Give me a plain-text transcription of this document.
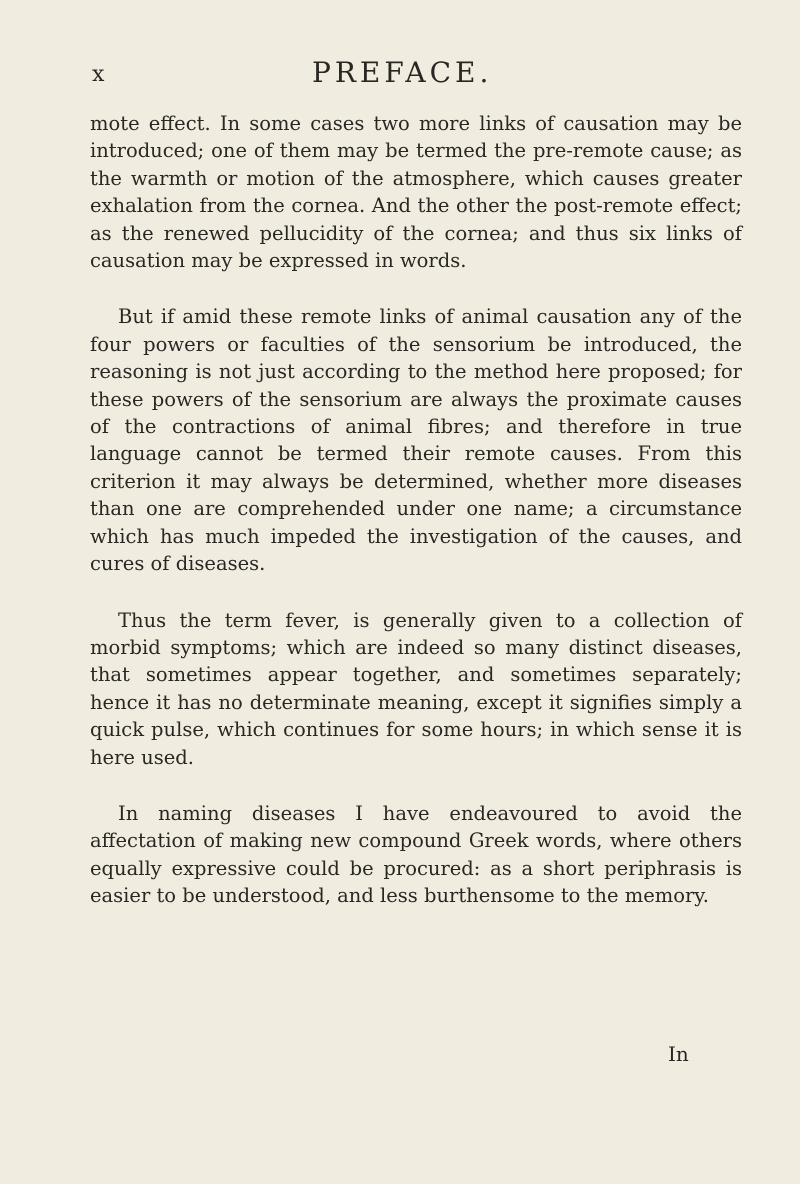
x	PREFACE.

mote effect. In some cases two more links of causation may be introduced; one of them may be termed the pre-remote cause; as the warmth or motion of the atmosphere, which causes greater exhalation from the cornea. And the other the post-remote effect; as the renewed pellucidity of the cornea; and thus six links of causation may be expressed in words.

But if amid these remote links of animal causation any of the four powers or faculties of the sensorium be introduced, the reasoning is not just according to the method here proposed; for these powers of the sensorium are always the proximate causes of the contractions of animal fibres; and therefore in true language cannot be termed their remote causes. From this criterion it may always be determined, whether more diseases than one are comprehended under one name; a circumstance which has much impeded the investigation of the causes, and cures of diseases.

Thus the term fever, is generally given to a collection of morbid symptoms; which are indeed so many distinct diseases, that sometimes appear together, and sometimes separately; hence it has no determinate meaning, except it signifies simply a quick pulse, which continues for some hours; in which sense it is here used.

In naming diseases I have endeavoured to avoid the affectation of making new compound Greek words, where others equally expressive could be procured: as a short periphrasis is easier to be understood, and less burthensome to the memory.

In
